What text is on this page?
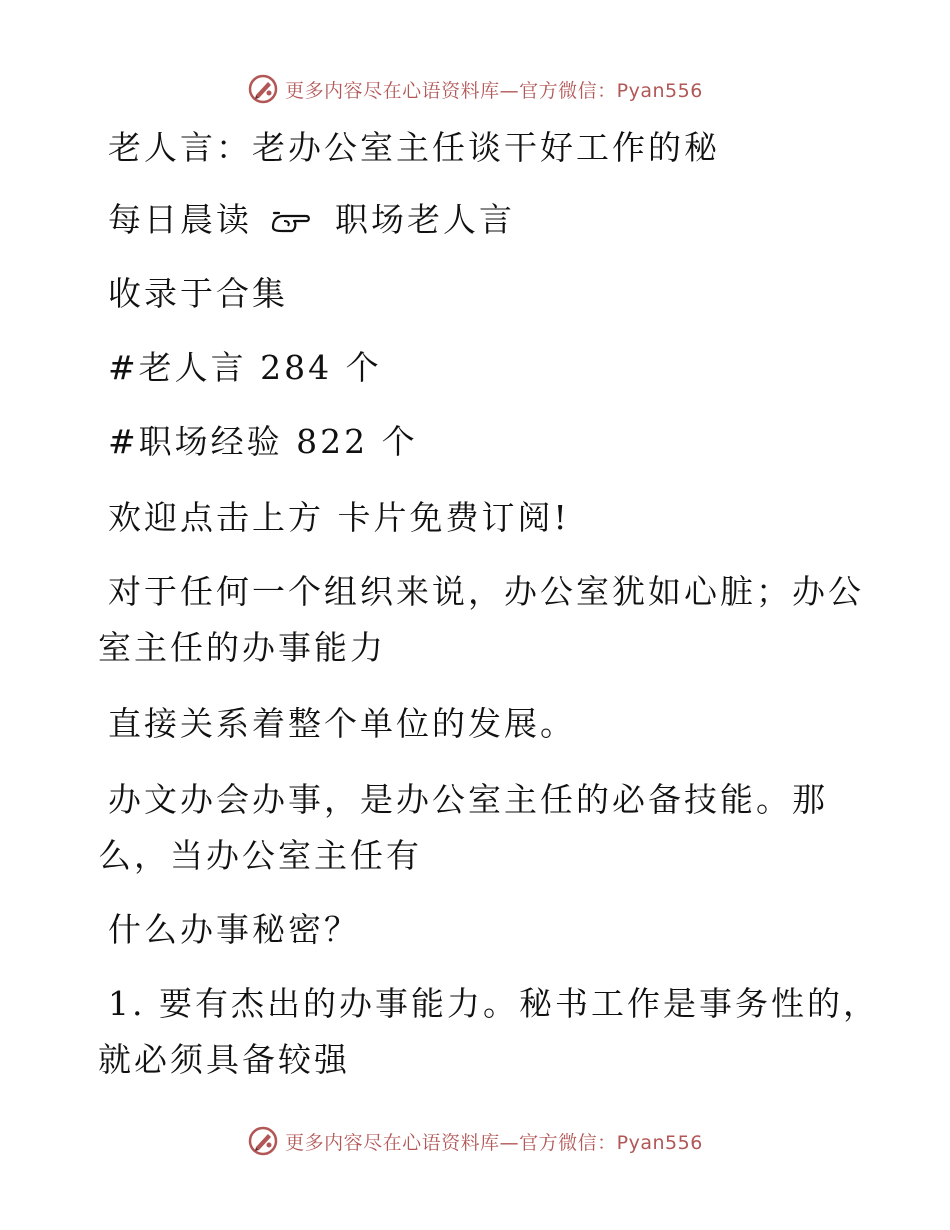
更多内容尽在心语资料库—官方微信：Pyan556
老人言：老办公室主任谈干好工作的秘
每日晨读	职场老人言
收录于合集
#老人言 284 个
#职场经验 822 个
欢迎点击上方 卡片免费订阅!
对于任何一个组织来说，办公室犹如心脏；办公
室主任的办事能力
直接关系着整个单位的发展。
办文办会办事，是办公室主任的必备技能。那
么，当办公室主任有
什么办事秘密？
1. 要有杰出的办事能力。秘书工作是事务性的，
就必须具备较强
更多内容尽在心语资料库—官方微信：Pyan556
